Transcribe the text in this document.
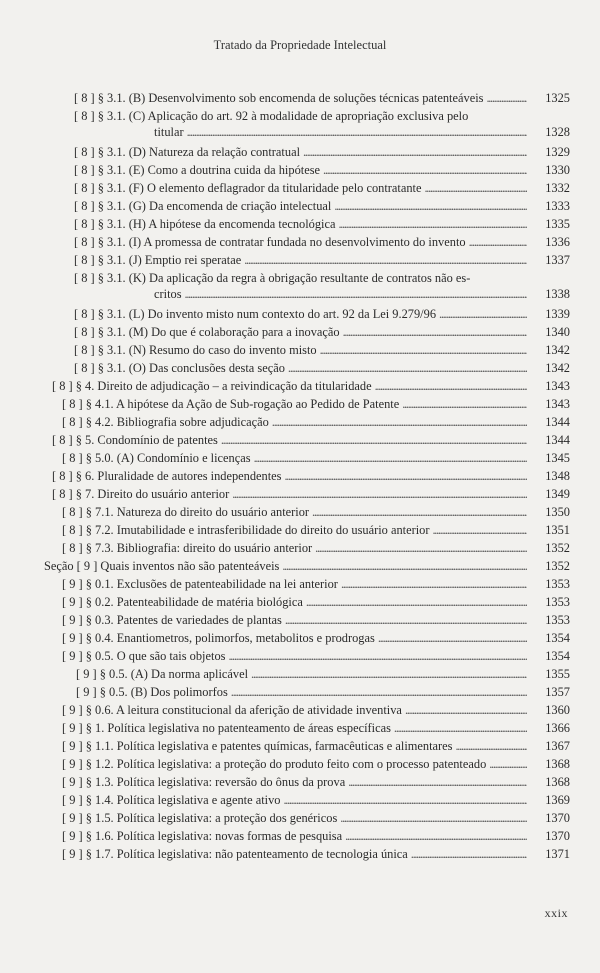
Tratado da Propriedade Intelectual
[ 8 ] § 3.1. (B) Desenvolvimento sob encomenda de soluções técnicas patenteáveis . . .	1325
[ 8 ] § 3.1. (C) Aplicação do art. 92 à modalidade de apropriação exclusiva pelo
titular . . .	1328
[ 8 ] § 3.1. (D) Natureza da relação contratual . . .	1329
[ 8 ] § 3.1. (E) Como a doutrina cuida da hipótese . . .	1330
[ 8 ] § 3.1. (F) O elemento deflagrador da titularidade pelo contratante . . .	1332
[ 8 ] § 3.1. (G) Da encomenda de criação intelectual . . .	1333
[ 8 ] § 3.1. (H) A hipótese da encomenda tecnológica . . .	1335
[ 8 ] § 3.1. (I) A promessa de contratar fundada no desenvolvimento do invento . . .	1336
[ 8 ] § 3.1. (J) Emptio rei speratae . . .	1337
[ 8 ] § 3.1. (K) Da aplicação da regra à obrigação resultante de contratos não es-
critos . . .	1338
[ 8 ] § 3.1. (L) Do invento misto num contexto do art. 92 da Lei 9.279/96 . . .	1339
[ 8 ] § 3.1. (M) Do que é colaboração para a inovação . . .	1340
[ 8 ] § 3.1. (N) Resumo do caso do invento misto . . .	1342
[ 8 ] § 3.1. (O) Das conclusões desta seção . . .	1342
[ 8 ] § 4. Direito de adjudicação – a reivindicação da titularidade . . .	1343
[ 8 ] § 4.1. A hipótese da Ação de Sub-rogação ao Pedido de Patente . . .	1343
[ 8 ] § 4.2. Bibliografia sobre adjudicação . . .	1344
[ 8 ] § 5. Condomínio de patentes . . .	1344
[ 8 ] § 5.0. (A) Condomínio e licenças . . .	1345
[ 8 ] § 6. Pluralidade de autores independentes . . .	1348
[ 8 ] § 7. Direito do usuário anterior . . .	1349
[ 8 ] § 7.1. Natureza do direito do usuário anterior . . .	1350
[ 8 ] § 7.2. Imutabilidade e intrasferibilidade do direito do usuário anterior . . .	1351
[ 8 ] § 7.3. Bibliografia: direito do usuário anterior . . .	1352
Seção [ 9 ] Quais inventos não são patenteáveis . . .	1352
[ 9 ] § 0.1. Exclusões de patenteabilidade na lei anterior . . .	1353
[ 9 ] § 0.2. Patenteabilidade de matéria biológica . . .	1353
[ 9 ] § 0.3. Patentes de variedades de plantas . . .	1353
[ 9 ] § 0.4. Enantiometros, polimorfos, metabolitos e prodrogas . . .	1354
[ 9 ] § 0.5. O que são tais objetos . . .	1354
[ 9 ] § 0.5. (A) Da norma aplicável . . .	1355
[ 9 ] § 0.5. (B) Dos polimorfos . . .	1357
[ 9 ] § 0.6. A leitura constitucional da aferição de atividade inventiva . . .	1360
[ 9 ] § 1. Política legislativa no patenteamento de áreas específicas . . .	1366
[ 9 ] § 1.1. Política legislativa e patentes químicas, farmacêuticas e alimentares . . .	1367
[ 9 ] § 1.2. Política legislativa: a proteção do produto feito com o processo patenteado . . .	1368
[ 9 ] § 1.3. Política legislativa: reversão do ônus da prova . . .	1368
[ 9 ] § 1.4. Política legislativa e agente ativo . . .	1369
[ 9 ] § 1.5. Política legislativa: a proteção dos genéricos . . .	1370
[ 9 ] § 1.6. Política legislativa: novas formas de pesquisa . . .	1370
[ 9 ] § 1.7. Política legislativa: não patenteamento de tecnologia única . . .	1371
xxix
